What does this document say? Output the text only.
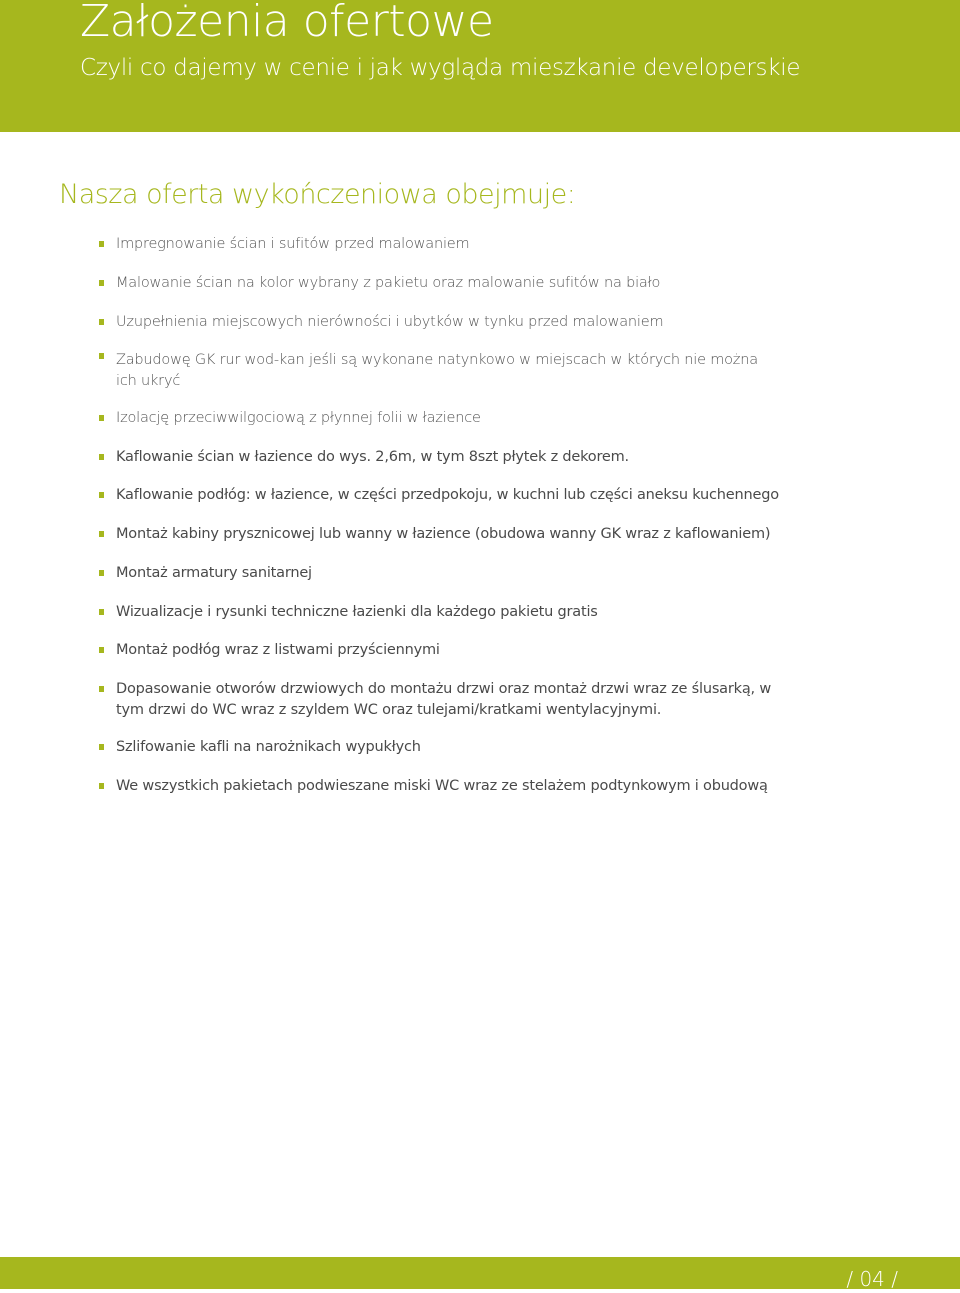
Założenia ofertowe
Czyli co dajemy w cenie i jak wygląda mieszkanie developerskie
Nasza oferta wykończeniowa obejmuje:
Impregnowanie ścian i sufitów przed malowaniem
Malowanie ścian na kolor wybrany z pakietu oraz malowanie sufitów na biało
Uzupełnienia miejscowych nierówności i ubytków w tynku przed malowaniem
Zabudowę GK rur wod-kan jeśli są wykonane natynkowo w miejscach w których nie można ich ukryć
Izolację przeciwwilgociową z płynnej folii w łazience
Kaflowanie ścian w łazience do wys. 2,6m, w tym 8szt płytek z dekorem.
Kaflowanie podłóg: w łazience, w części przedpokoju, w kuchni lub części aneksu kuchennego
Montaż kabiny prysznicowej lub wanny w łazience (obudowa wanny GK wraz z kaflowaniem)
Montaż armatury sanitarnej
Wizualizacje i rysunki techniczne łazienki dla każdego pakietu gratis
Montaż podłóg wraz z listwami przyściennymi
Dopasowanie otworów drzwiowych do montażu drzwi oraz montaż drzwi wraz ze ślusarką, w tym drzwi do WC wraz z szyldem WC oraz tulejami/kratkami wentylacyjnymi.
Szlifowanie kafli na narożnikach wypukłych
We wszystkich pakietach podwieszane miski WC wraz ze stelażem podtynkowym i obudową
/ 04 /
